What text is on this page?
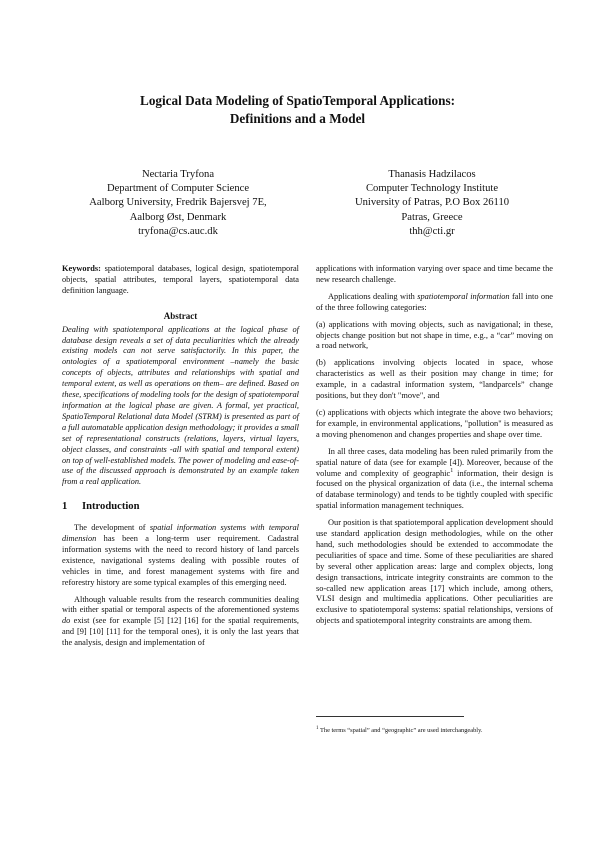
Logical Data Modeling of SpatioTemporal Applications:
Definitions and a Model
Nectaria Tryfona
Department of Computer Science
Aalborg University, Fredrik Bajersvej 7E,
Aalborg Øst, Denmark
tryfona@cs.auc.dk
Thanasis Hadzilacos
Computer Technology Institute
University of Patras, P.O Box 26110
Patras, Greece
thh@cti.gr

Keywords: spatiotemporal databases, logical design, spatiotemporal objects, spatial attributes, temporal layers, spatiotemporal data definition language.

Abstract

Dealing with spatiotemporal applications at the logical phase of database design reveals a set of data peculiarities which the already existing models can not serve satisfactorily. In this paper, the ontologies of a spatiotemporal environment –namely the basic concepts of objects, attributes and relationships with spatial and temporal extent, as well as operations on them– are defined. Based on these, specifications of modeling tools for the design of spatiotemporal information at the logical phase are given. A formal, yet practical, SpatioTemporal Relational data Model (STRM) is presented as part of a full automatable application design methodology; it provides a small set of representational constructs (relations, layers, virtual layers, object classes, and constraints -all with spatial and temporal extent) on top of well-established models. The power of modeling and ease-of-use of the discussed approach is demonstrated by an example taken from a real application.

1 Introduction

The development of spatial information systems with temporal dimension has been a long-term user requirement. Cadastral information systems with the need to record history of land parcels existence, navigational systems dealing with possible routes of vehicles in time, and forest management systems with fire and reforestry history are some typical examples of this emerging need.

Although valuable results from the research communities dealing with either spatial or temporal aspects of the aforementioned systems do exist (see for example [5] [12] [16] for the spatial requirements, and [9] [10] [11] for the temporal ones), it is only the last years that the analysis, design and implementation of

applications with information varying over space and time became the new research challenge.

Applications dealing with spatiotemporal information fall into one of the three following categories:

(a) applications with moving objects, such as navigational; in these, objects change position but not shape in time, e.g., a “car” moving on a road network,

(b) applications involving objects located in space, whose characteristics as well as their position may change in time; for example, in a cadastral information system, “landparcels” change positions, but they don't "move", and

(c) applications with objects which integrate the above two behaviors; for example, in environmental applications, "pollution" is measured as a moving phenomenon and changes properties and shape over time.

In all three cases, data modeling has been ruled primarily from the spatial nature of data (see for example [4]). Moreover, because of the volume and complexity of geographic$^1$ information, their design is focused on the physical organization of data (i.e., the internal schema of database terminology) and tends to be tightly coupled with specific spatial information management techniques.

Our position is that spatiotemporal application development should use standard application design methodologies, while on the other hand, such methodologies should be extended to accommodate the peculiarities of space and time. Some of these peculiarities are shared by several other application areas: large and complex objects, long design transactions, intricate integrity constraints are common to the so-called new application areas [17] which include, among others, VLSI design and multimedia applications. Other peculiarities are exclusive to spatiotemporal systems: spatial relationships, versions of objects and spatiotemporal integrity constraints are among them.

$^1$ The terms “spatial” and “geographic” are used interchangeably.
